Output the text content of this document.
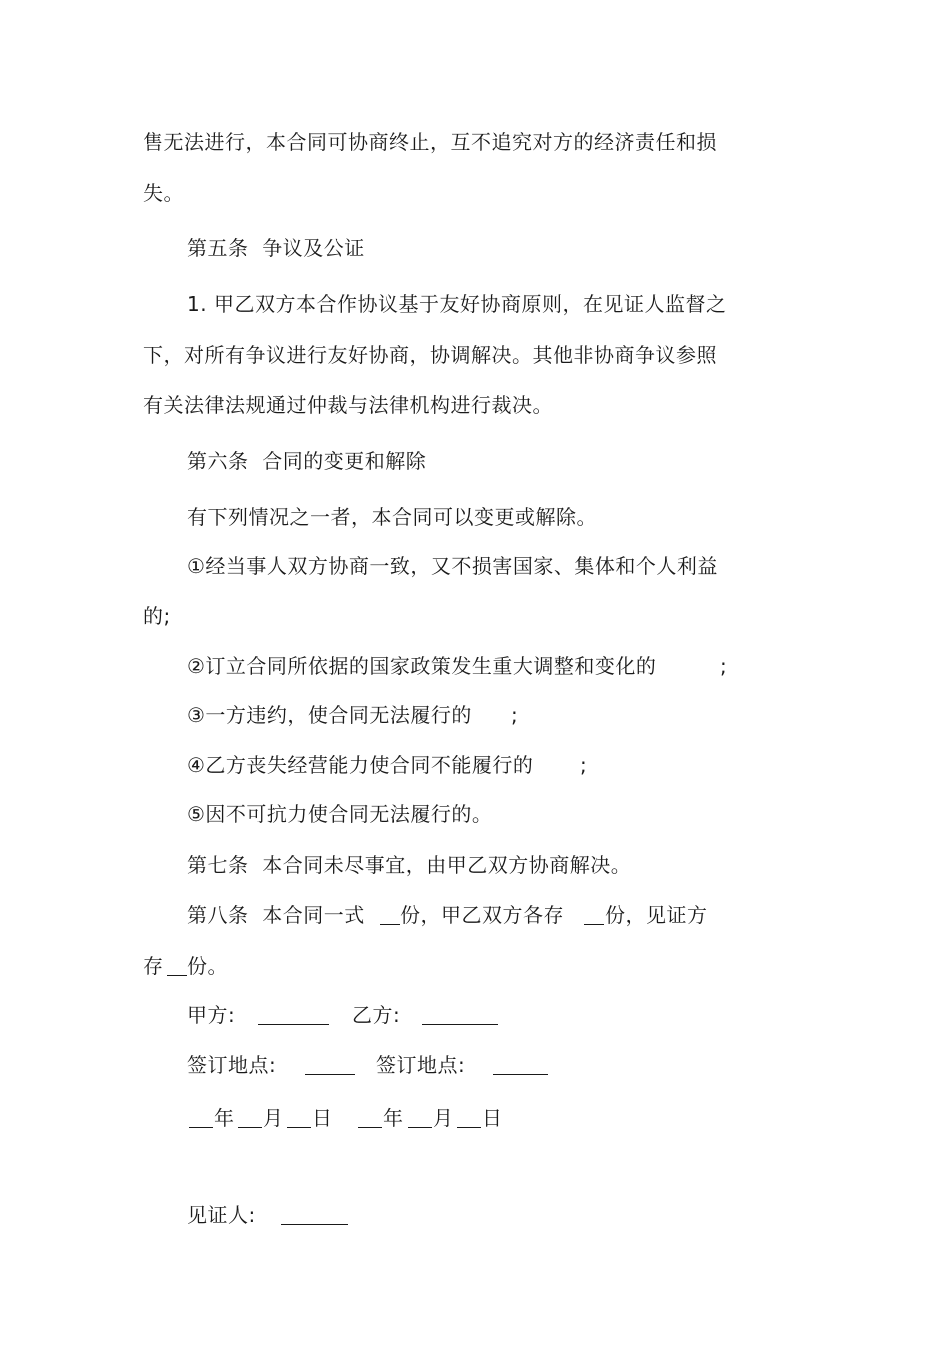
售无法进行，本合同可协商终止，互不追究对方的经济责任和损
失。
第五条  争议及公证
1. 甲乙双方本合作协议基于友好协商原则，在见证人监督之
下，对所有争议进行友好协商，协调解决。其他非协商争议参照
有关法律法规通过仲裁与法律机构进行裁决。
第六条  合同的变更和解除
有下列情况之一者，本合同可以变更或解除。
①经当事人双方协商一致，又不损害国家、集体和个人利益
的;
②订立合同所依据的国家政策发生重大调整和变化的	;
③一方违约，使合同无法履行的 ;
④乙方丧失经营能力使合同不能履行的 ;
⑤因不可抗力使合同无法履行的。
第七条  本合同未尽事宜，由甲乙双方协商解决。
第八条  本合同一式 份，甲乙双方各存 份，见证方
存 份。
甲方:	乙方:
签订地点:	签订地点:
年 月 日	年 月 日
见证人:
